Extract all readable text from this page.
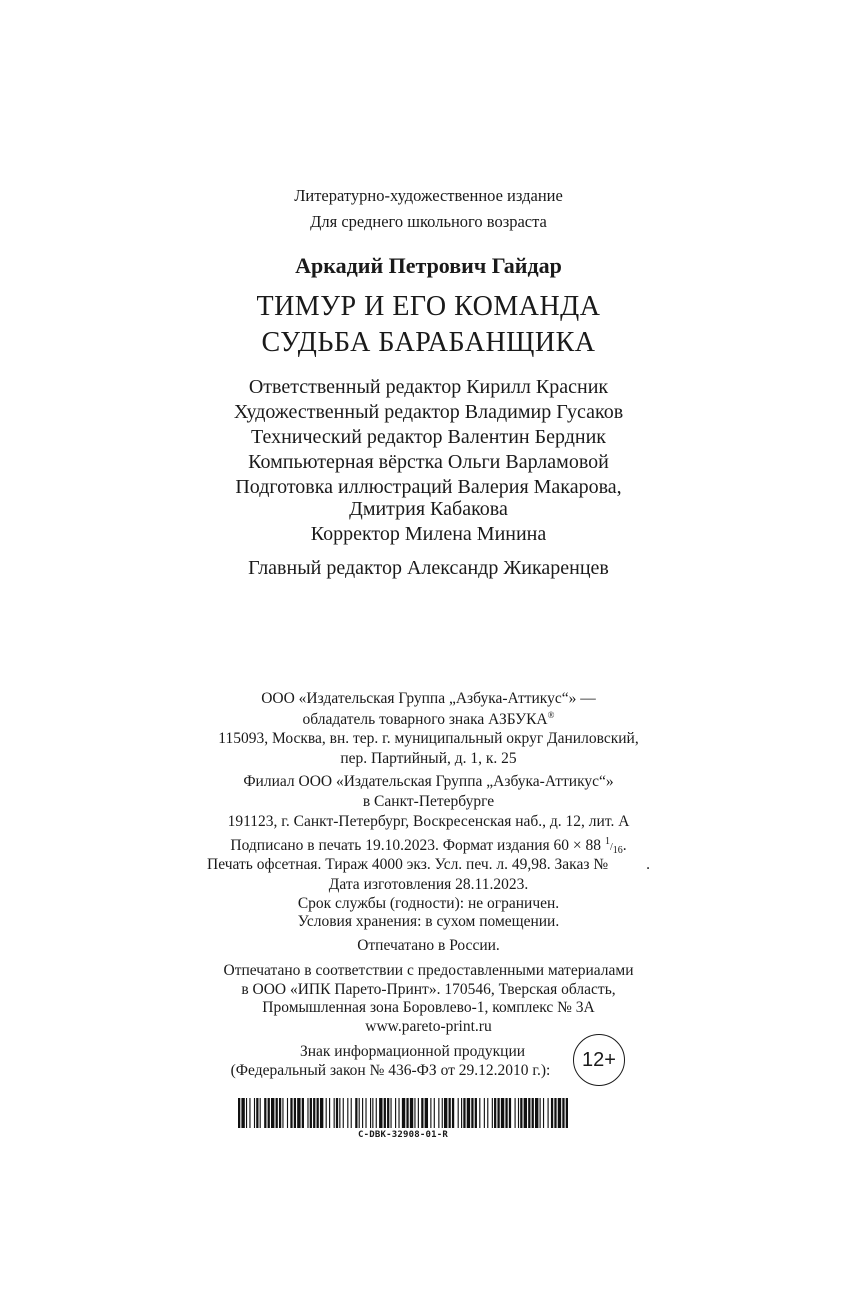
Литературно-художественное издание
Для среднего школьного возраста
Аркадий Петрович Гайдар
ТИМУР И ЕГО КОМАНДА
СУДЬБА БАРАБАНЩИКА
Ответственный редактор Кирилл Красник
Художественный редактор Владимир Гусаков
Технический редактор Валентин Бердник
Компьютерная вёрстка Ольги Варламовой
Подготовка иллюстраций Валерия Макарова,
Дмитрия Кабакова
Корректор Милена Минина
Главный редактор Александр Жикаренцев
ООО «Издательская Группа „Азбука-Аттикус“» —
обладатель товарного знака АЗБУКА®
115093, Москва, вн. тер. г. муниципальный округ Даниловский,
пер. Партийный, д. 1, к. 25
Филиал ООО «Издательская Группа „Азбука-Аттикус“»
в Санкт-Петербурге
191123, г. Санкт-Петербург, Воскресенская наб., д. 12, лит. А
Подписано в печать 19.10.2023. Формат издания 60 × 88 1/16.
Печать офсетная. Тираж 4000 экз. Усл. печ. л. 49,98. Заказ № .
Дата изготовления 28.11.2023.
Срок службы (годности): не ограничен.
Условия хранения: в сухом помещении.
Отпечатано в России.
Отпечатано в соответствии с предоставленными материалами
в ООО «ИПК Парето-Принт». 170546, Тверская область,
Промышленная зона Боровлево-1, комплекс № 3А
www.pareto-print.ru
Знак информационной продукции
(Федеральный закон № 436-ФЗ от 29.12.2010 г.):	12+
C-DBK-32908-01-R
